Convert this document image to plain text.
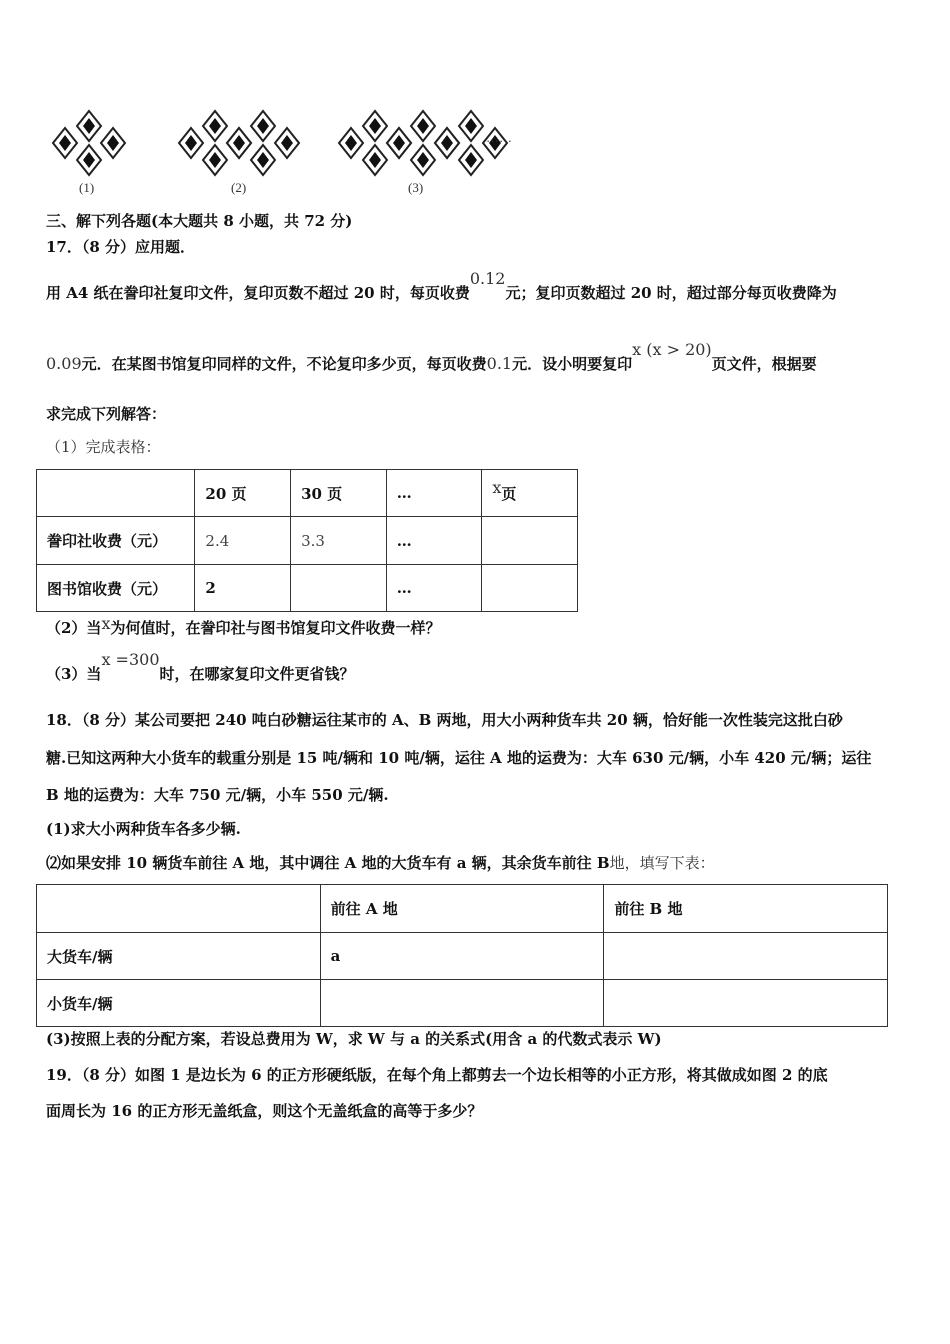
(1)	(2)	(3)
……
三、解下列各题(本大题共 8 小题，共 72 分)
17．（8 分）应用题．
用 A4 纸在誊印社复印文件，复印页数不超过 20 时，每页收费0.12元；复印页数超过 20 时，超过部分每页收费降为
0.09元．在某图书馆复印同样的文件，不论复印多少页，每页收费0.1元．设小明要复印x (x > 20)页文件，根据要
求完成下列解答：
（1）完成表格：
	20 页	30 页	…	x页
誊印社收费（元）	2.4	3.3	…	
图书馆收费（元）	2		…	
（2）当x为何值时，在誊印社与图书馆复印文件收费一样？
（3）当x =300时，在哪家复印文件更省钱？
18．（8 分）某公司要把 240 吨白砂糖运往某市的 A、B 两地，用大小两种货车共 20 辆，恰好能一次性装完这批白砂
糖.已知这两种大小货车的载重分别是 15 吨/辆和 10 吨/辆，运往 A 地的运费为：大车 630 元/辆，小车 420 元/辆；运往
B 地的运费为：大车 750 元/辆，小车 550 元/辆.
(1)求大小两种货车各多少辆.
⑵如果安排 10 辆货车前往 A 地，其中调往 A 地的大货车有 a 辆，其余货车前往 B地，填写下表：
	前往 A 地	前往 B 地
大货车/辆	a	
小货车/辆		
(3)按照上表的分配方案，若设总费用为 W，求 W 与 a 的关系式(用含 a 的代数式表示 W)
19．（8 分）如图 1 是边长为 6 的正方形硬纸版，在每个角上都剪去一个边长相等的小正方形，将其做成如图 2 的底
面周长为 16 的正方形无盖纸盒，则这个无盖纸盒的高等于多少？
